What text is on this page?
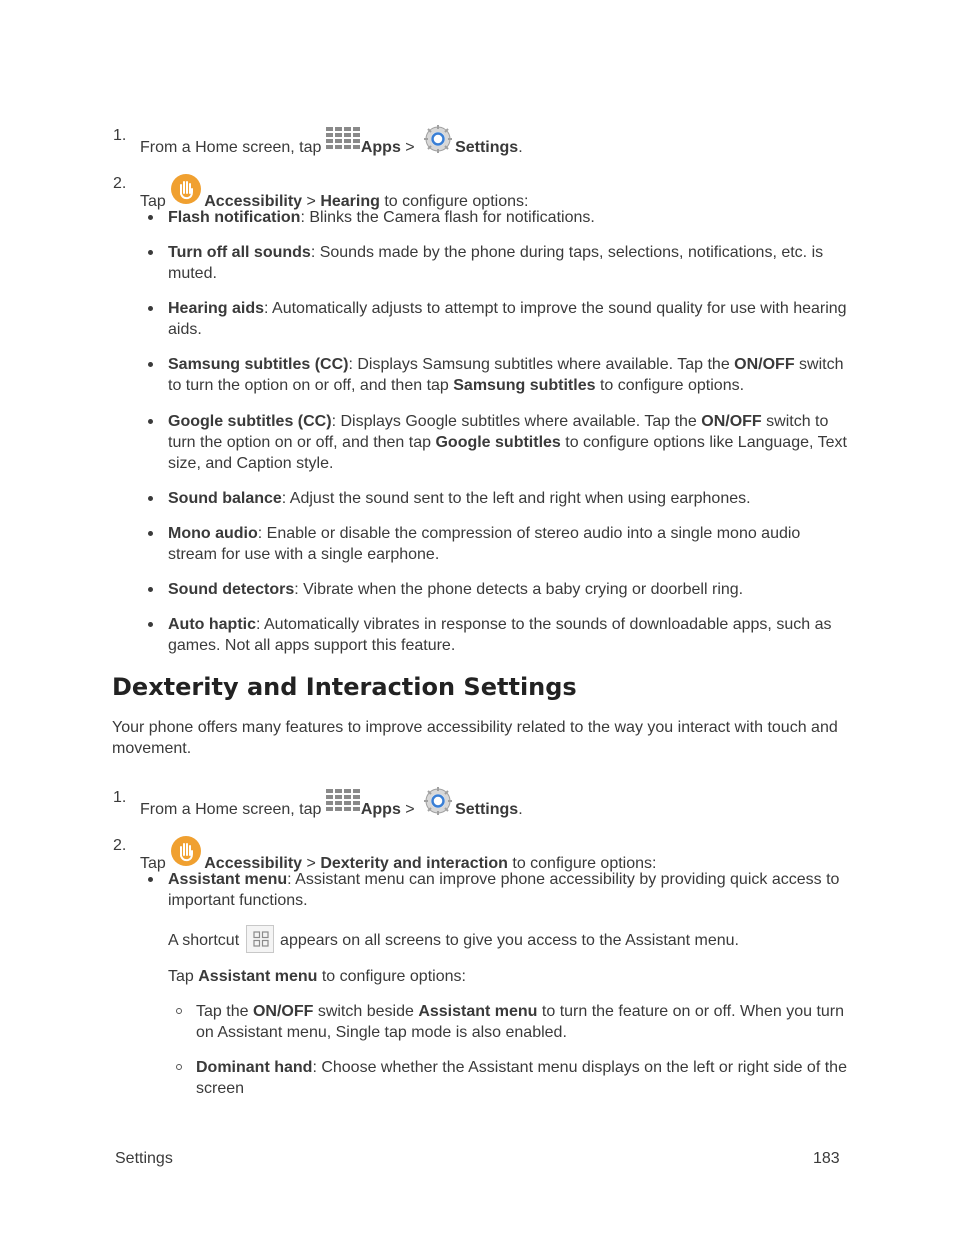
1.
From a Home screen, tap
Apps >
Settings.
2.
Tap
Accessibility > Hearing to configure options:
Flash notification: Blinks the Camera flash for notifications.
Turn off all sounds: Sounds made by the phone during taps, selections, notifications, etc. is muted.
Hearing aids: Automatically adjusts to attempt to improve the sound quality for use with hearing aids.
Samsung subtitles (CC): Displays Samsung subtitles where available. Tap the ON/OFF switch to turn the option on or off, and then tap Samsung subtitles to configure options.
Google subtitles (CC): Displays Google subtitles where available. Tap the ON/OFF switch to turn the option on or off, and then tap Google subtitles to configure options like Language, Text size, and Caption style.
Sound balance: Adjust the sound sent to the left and right when using earphones.
Mono audio: Enable or disable the compression of stereo audio into a single mono audio stream for use with a single earphone.
Sound detectors: Vibrate when the phone detects a baby crying or doorbell ring.
Auto haptic: Automatically vibrates in response to the sounds of downloadable apps, such as games. Not all apps support this feature.
Dexterity and Interaction Settings
Your phone offers many features to improve accessibility related to the way you interact with touch and movement.
1.
From a Home screen, tap
Apps >
Settings.
2.
Tap
Accessibility > Dexterity and interaction to configure options:
Assistant menu: Assistant menu can improve phone accessibility by providing quick access to important functions.
A shortcut
appears on all screens to give you access to the Assistant menu.
Tap Assistant menu to configure options:
Tap the ON/OFF switch beside Assistant menu to turn the feature on or off. When you turn on Assistant menu, Single tap mode is also enabled.
Dominant hand: Choose whether the Assistant menu displays on the left or right side of the screen
Settings	183
